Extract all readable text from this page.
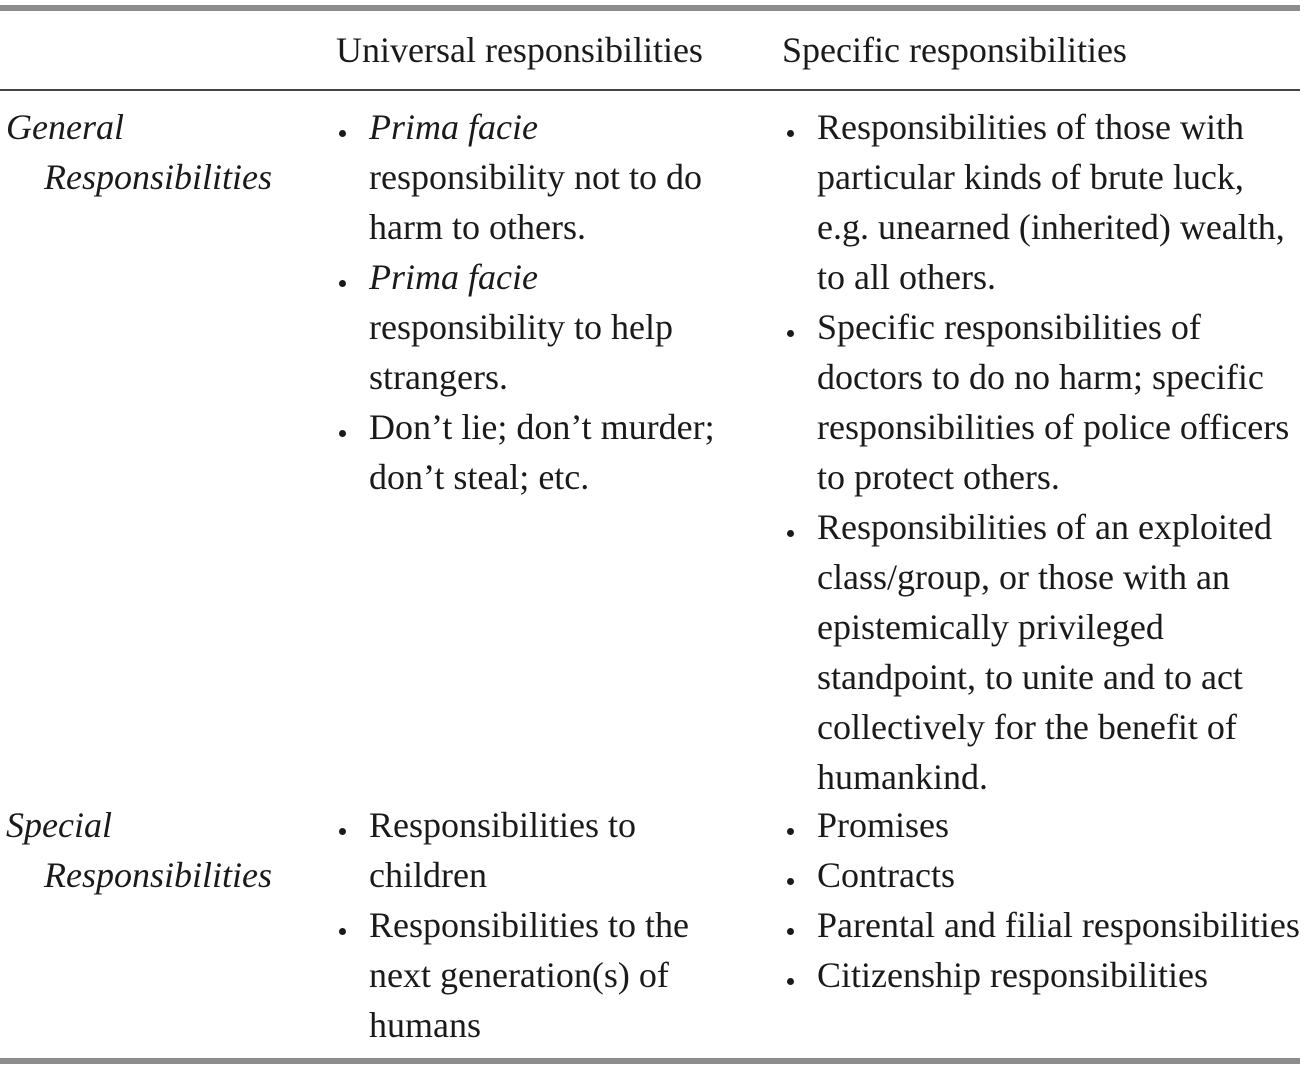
Universal responsibilities	Specific responsibilities
General
Responsibilities
Prima facie
responsibility not to do harm to others.
Prima facie
responsibility to help strangers.
Don’t lie; don’t murder; don’t steal; etc.
Responsibilities of those with particular kinds of brute luck, e.g. unearned (inherited) wealth, to all others.
Specific responsibilities of doctors to do no harm; specific responsibilities of police officers to protect others.
Responsibilities of an exploited class/group, or those with an epistemically privileged standpoint, to unite and to act collectively for the benefit of humankind.
Special
Responsibilities
Responsibilities to children
Responsibilities to the next generation(s) of humans
Promises
Contracts
Parental and filial responsibilities
Citizenship responsibilities
